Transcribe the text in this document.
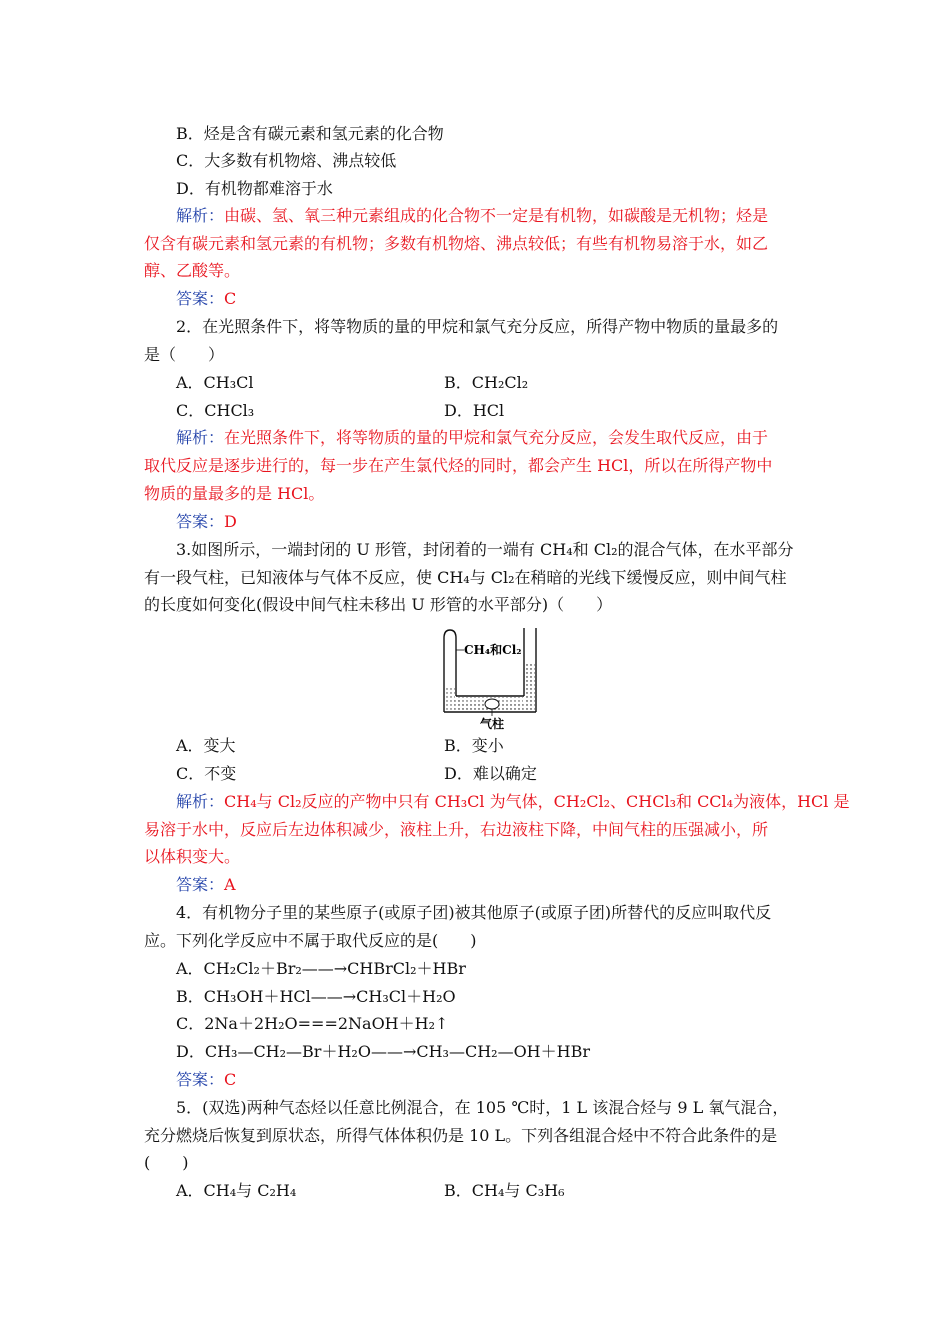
B．烃是含有碳元素和氢元素的化合物
C．大多数有机物熔、沸点较低
D．有机物都难溶于水
解析：由碳、氢、氧三种元素组成的化合物不一定是有机物，如碳酸是无机物；烃是
仅含有碳元素和氢元素的有机物；多数有机物熔、沸点较低；有些有机物易溶于水，如乙
醇、乙酸等。
答案：C
2．在光照条件下，将等物质的量的甲烷和氯气充分反应，所得产物中物质的量最多的
是（　　）
A．CH₃Cl	B．CH₂Cl₂
C．CHCl₃	D．HCl
解析：在光照条件下，将等物质的量的甲烷和氯气充分反应，会发生取代反应，由于
取代反应是逐步进行的，每一步在产生氯代烃的同时，都会产生 HCl，所以在所得产物中
物质的量最多的是 HCl。
答案：D
3.如图所示，一端封闭的 U 形管，封闭着的一端有 CH₄和 Cl₂的混合气体，在水平部分
有一段气柱，已知液体与气体不反应，使 CH₄与 Cl₂在稍暗的光线下缓慢反应，则中间气柱
的长度如何变化(假设中间气柱未移出 U 形管的水平部分)（　　）
CH₄和Cl₂
气柱
A．变大	B．变小
C．不变	D．难以确定
解析：CH₄与 Cl₂反应的产物中只有 CH₃Cl 为气体，CH₂Cl₂、CHCl₃和 CCl₄为液体，HCl 是
易溶于水中，反应后左边体积减少，液柱上升，右边液柱下降，中间气柱的压强减小，所
以体积变大。
答案：A
4．有机物分子里的某些原子(或原子团)被其他原子(或原子团)所替代的反应叫取代反
应。下列化学反应中不属于取代反应的是(　　)
A．CH₂Cl₂＋Br₂——→CHBrCl₂＋HBr
B．CH₃OH＋HCl——→CH₃Cl＋H₂O
C．2Na＋2H₂O===2NaOH＋H₂↑
D．CH₃—CH₂—Br＋H₂O——→CH₃—CH₂—OH＋HBr
答案：C
5．(双选)两种气态烃以任意比例混合，在 105 ℃时，1 L 该混合烃与 9 L 氧气混合，
充分燃烧后恢复到原状态，所得气体体积仍是 10 L。下列各组混合烃中不符合此条件的是
(　　)
A．CH₄与 C₂H₄	B．CH₄与 C₃H₆
